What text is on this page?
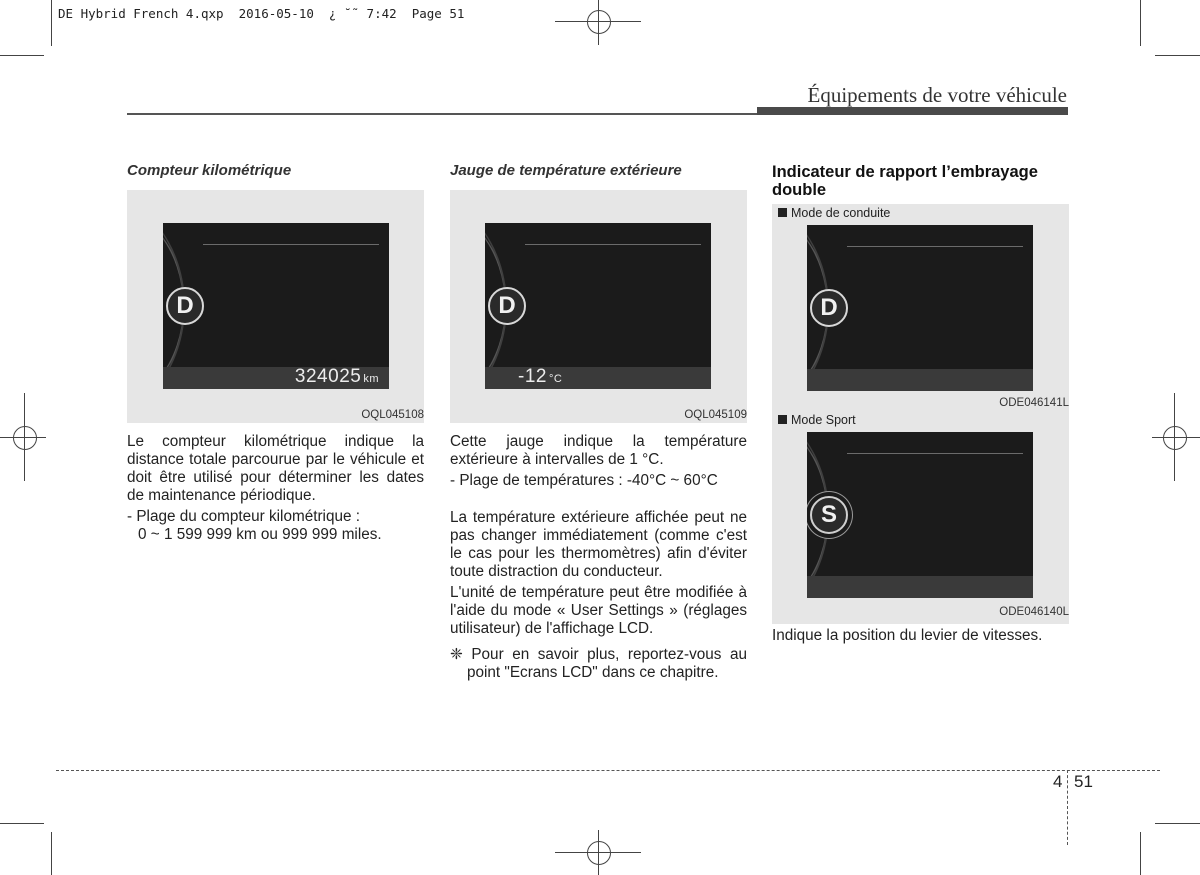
DE Hybrid French 4.qxp  2016-05-10  ¿ ˘˜ 7:42  Page 51
Équipements de votre véhicule
Compteur kilométrique
D
324025 km
OQL045108

Le compteur kilométrique indique la distance totale parcourue par le véhicule et doit être utilisé pour déterminer les dates de maintenance périodique.

- Plage du compteur kilométrique :

0 ~ 1 599 999 km ou 999 999 miles.

Jauge de température extérieure
D
-12 °C
OQL045109

Cette jauge indique la température extérieure à intervalles de 1 °C.

- Plage de températures : -40°C ~ 60°C

La température extérieure affichée peut ne pas changer immédiatement (comme c'est le cas pour les thermomètres) afin d'éviter toute distraction du conducteur.

L'unité de température peut être modifiée à l'aide du mode « User Settings » (réglages utilisateur) de l'affichage LCD.

❈ Pour en savoir plus, reportez-vous au point "Ecrans LCD" dans ce chapitre.

Indicateur de rapport l’embrayage double
Mode de conduite
D
ODE046141L
Mode Sport
S
ODE046140L

Indique la position du levier de vitesses.

4 51
